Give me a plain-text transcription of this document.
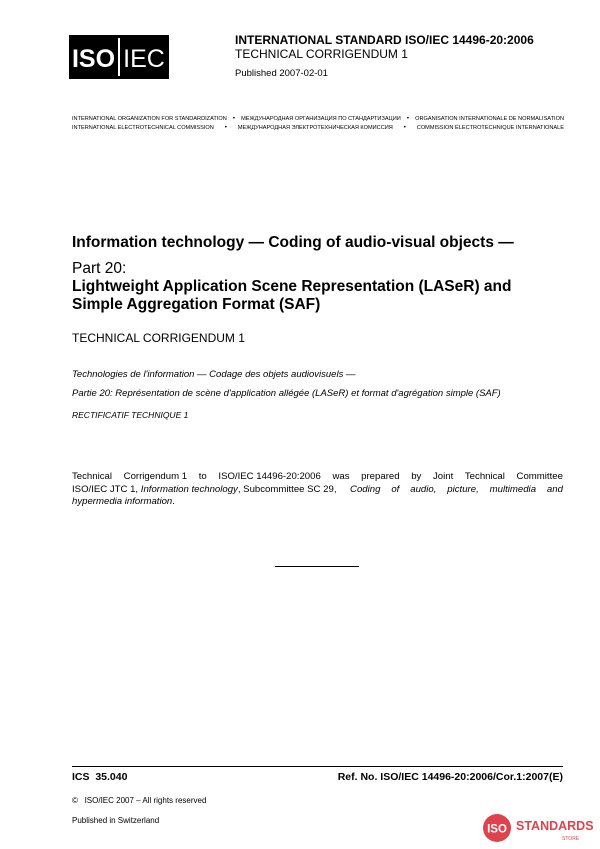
ISO IEC
INTERNATIONAL STANDARD ISO/IEC 14496-20:2006
TECHNICAL CORRIGENDUM 1
Published 2007-02-01
INTERNATIONAL ORGANIZATION FOR STANDARDIZATION • МЕЖДУНАРОДНАЯ ОРГАНИЗАЦИЯ ПО СТАНДАРТИЗАЦИИ • ORGANISATION INTERNATIONALE DE NORMALISATION
INTERNATIONAL ELECTROTECHNICAL COMMISSION • МЕЖДУНАРОДНАЯ ЭЛЕКТРОТЕХНИЧЕСКАЯ КОМИССИЯ • COMMISSION ÉLECTROTECHNIQUE INTERNATIONALE
Information technology — Coding of audio-visual objects —
Part 20:
Lightweight Application Scene Representation (LASeR) and
Simple Aggregation Format (SAF)
TECHNICAL CORRIGENDUM 1
Technologies de l'information — Codage des objets audiovisuels —
Partie 20: Représentation de scène d'application allégée (LASeR) et format d'agrégation simple (SAF)
RECTIFICATIF TECHNIQUE 1
Technical Corrigendum 1 to ISO/IEC 14496-20:2006 was prepared by Joint Technical Committee
ISO/IEC JTC 1, Information technology, Subcommittee SC 29, Coding of audio, picture, multimedia and
hypermedia information .
ICS  35.040	Ref. No. ISO/IEC 14496-20:2006/Cor.1:2007(E)
©   ISO/IEC 2007 – All rights reserved
Published in Switzerland
ISO STANDARDS
STORE
